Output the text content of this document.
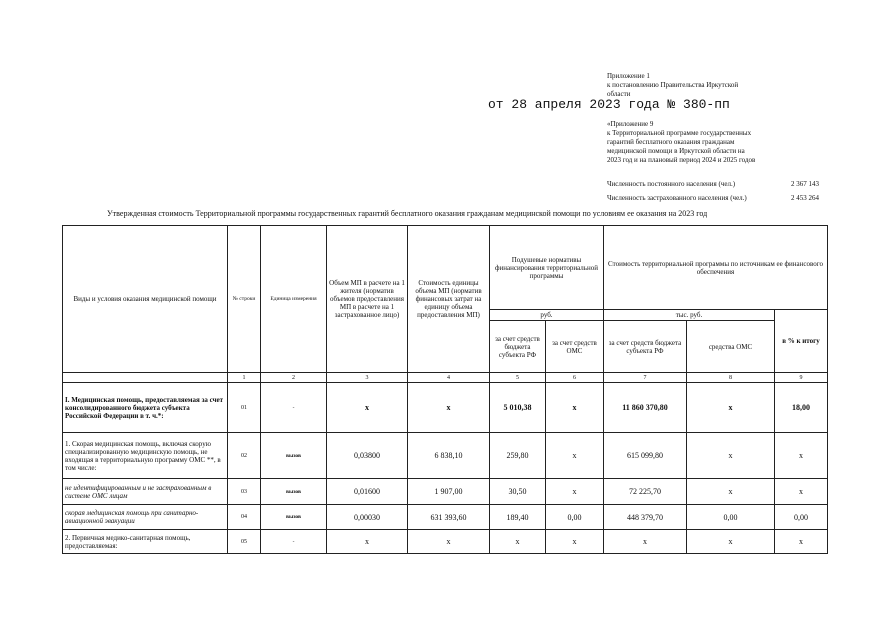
Приложение 1
к постановлению Правительства Иркутской
области
от 28 апреля 2023 года № 380-пп
«Приложение 9
к Территориальной программе государственных
гарантий бесплатного оказания гражданам
медицинской помощи в Иркутской области на
2023 год и на плановый период 2024 и 2025 годов
Численность постоянного населения (чел.)	2 367 143
Численность застрахованного населения (чел.)	2 453 264
Утвержденная стоимость Территориальной программы государственных гарантий бесплатного оказания гражданам медицинской помощи по условиям ее оказания на 2023 год
Виды и условия оказания медицинской помощи	№ строки	Единица измерения	Объем МП в расчете на 1 жителя (норматив объемов предоставления МП в расчете на 1 застрахованное лицо)	Стоимость единицы объема МП (норматив финансовых затрат на единицу объема предоставления МП)	Подушевые нормативы финансирования территориальной программы		Стоимость территориальной программы по источникам ее финансового обеспечения		
					руб.		тыс. руб.		в % к итогу
					за счет средств бюджета субъекта РФ	за счет средств ОМС	за счет средств бюджета субъекта РФ	средства ОМС	
	1	2	3	4	5	6	7	8	9
I. Медицинская помощь, предоставляемая за счет консолидированного бюджета субъекта Российской Федерации в т. ч.*:	01	-	x	x	5 010,38	x	11 860 370,80	x	18,00
1. Скорая медицинская помощь, включая скорую специализированную медицинскую помощь, не входящая в территориальную программу ОМС **, в том числе:	02	вызов	0,03800	6 838,10	259,80	x	615 099,80	x	x
не идентифицированным и не застрахованным в системе ОМС лицам	03	вызов	0,01600	1 907,00	30,50	x	72 225,70	x	x
скорая медицинская помощь при санитарно-авиационной эвакуации	04	вызов	0,00030	631 393,60	189,40	0,00	448 379,70	0,00	0,00
2. Первичная медико-санитарная помощь, предоставляемая:	05	-	x	x	x	x	x	x	x
